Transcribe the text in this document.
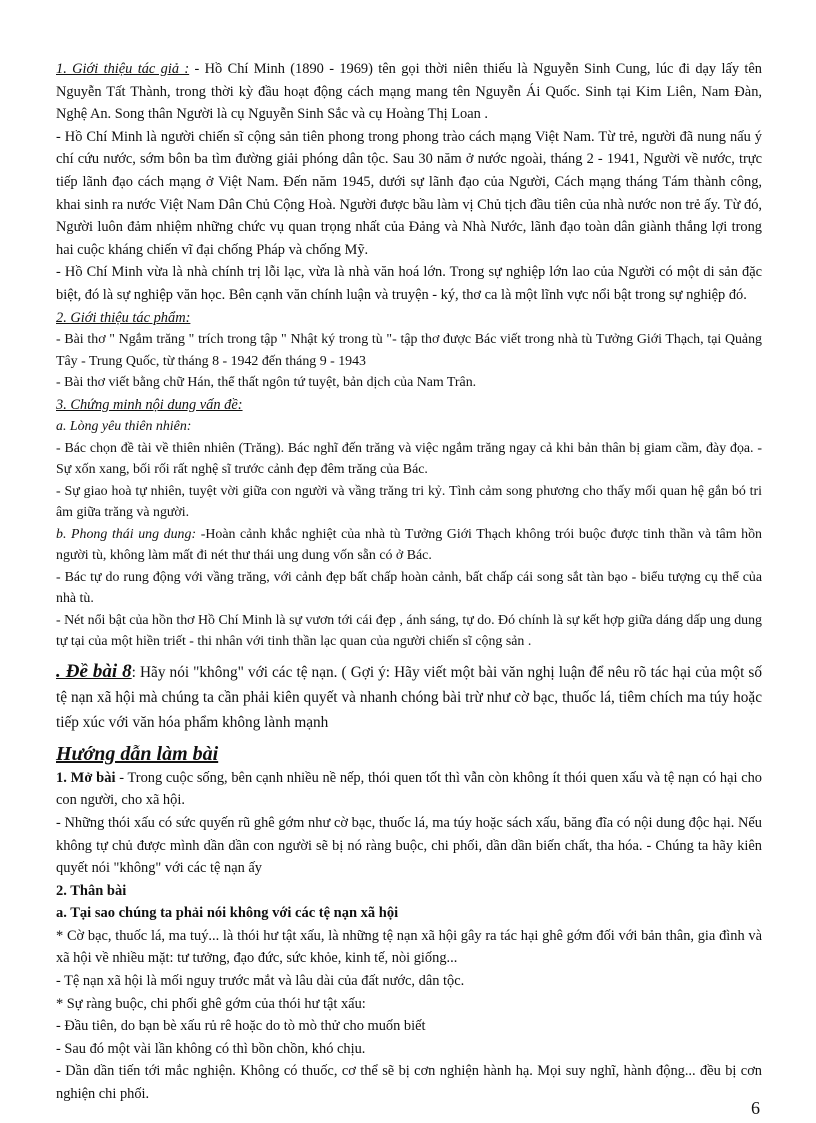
1. Giới thiệu tác giả : - Hồ Chí Minh (1890 - 1969) tên gọi thời niên thiếu là Nguyễn Sinh Cung, lúc đi dạy lấy tên Nguyễn Tất Thành, trong thời kỳ đầu hoạt động cách mạng mang tên Nguyễn Ái Quốc. Sinh tại Kim Liên, Nam Đàn, Nghệ An. Song thân Người là cụ Nguyễn Sinh Sắc và cụ Hoàng Thị Loan .

- Hồ Chí Minh là người chiến sĩ cộng sản tiên phong trong phong trào cách mạng Việt Nam. Từ trẻ, người đã nung nấu ý chí cứu nước, sớm bôn ba tìm đường giải phóng dân tộc. Sau 30 năm ở nước ngoài, tháng 2 - 1941, Người về nước, trực tiếp lãnh đạo cách mạng ở Việt Nam. Đến năm 1945, dưới sự lãnh đạo của Người, Cách mạng tháng Tám thành công, khai sinh ra nước Việt Nam Dân Chủ Cộng Hoà. Người được bầu làm vị Chủ tịch đầu tiên của nhà nước non trẻ ấy. Từ đó, Người luôn đảm nhiệm những chức vụ quan trọng nhất của Đảng và Nhà Nước, lãnh đạo toàn dân giành thắng lợi trong hai cuộc kháng chiến vĩ đại chống Pháp và chống Mỹ.

- Hồ Chí Minh vừa là nhà chính trị lỗi lạc, vừa là nhà văn hoá lớn. Trong sự nghiệp lớn lao của Người có một di sản đặc biệt, đó là sự nghiệp văn học. Bên cạnh văn chính luận và truyện - ký, thơ ca là một lĩnh vực nổi bật trong sự nghiệp đó.

2. Giới thiệu tác phẩm:

- Bài thơ " Ngắm trăng " trích trong tập " Nhật ký trong tù "- tập thơ được Bác viết trong nhà tù Tưởng Giới Thạch, tại Quảng Tây - Trung Quốc, từ tháng 8 - 1942 đến tháng 9 - 1943

- Bài thơ viết bằng chữ Hán, thể thất ngôn tứ tuyệt, bản dịch của Nam Trân.

3. Chứng minh nội dung vấn đề:

a. Lòng yêu thiên nhiên:

- Bác chọn đề tài về thiên nhiên (Trăng). Bác nghĩ đến trăng và việc ngắm trăng ngay cả khi bản thân bị giam cầm, đày đọa. - Sự xốn xang, bối rối rất nghệ sĩ trước cảnh đẹp đêm trăng của Bác.

- Sự giao hoà tự nhiên, tuyệt vời giữa con người và vầng trăng tri kỷ. Tình cảm song phương cho thấy mối quan hệ gắn bó tri âm giữa trăng và người.

b. Phong thái ung dung: -Hoàn cảnh khắc nghiệt của nhà tù Tưởng Giới Thạch không trói buộc được tinh thần và tâm hồn người tù, không làm mất đi nét thư thái ung dung vốn sẵn có ở Bác.

- Bác tự do rung động với vầng trăng, với cảnh đẹp bất chấp hoàn cảnh, bất chấp cái song sắt tàn bạo - biểu tượng cụ thể của nhà tù.

- Nét nổi bật của hồn thơ Hồ Chí Minh là sự vươn tới cái đẹp , ánh sáng, tự do. Đó chính là sự kết hợp giữa dáng dấp ung dung tự tại của một hiền triết - thi nhân với tinh thần lạc quan của người chiến sĩ cộng sản .

. Đề bài 8: Hãy nói "không" với các tệ nạn. ( Gợi ý: Hãy viết một bài văn nghị luận để nêu rõ tác hại của một số tệ nạn xã hội mà chúng ta cần phải kiên quyết và nhanh chóng bài trừ như cờ bạc, thuốc lá, tiêm chích ma túy hoặc tiếp xúc với văn hóa phẩm không lành mạnh

Hướng dẫn làm bài

1. Mở bài - Trong cuộc sống, bên cạnh nhiều nề nếp, thói quen tốt thì vẫn còn không ít thói quen xấu và tệ nạn có hại cho con người, cho xã hội.

- Những thói xấu có sức quyến rũ ghê gớm như cờ bạc, thuốc lá, ma túy hoặc sách xấu, băng đĩa có nội dung độc hại. Nếu không tự chủ được mình dần dần con người sẽ bị nó ràng buộc, chi phối, dần dần biến chất, tha hóa. - Chúng ta hãy kiên quyết nói "không" với các tệ nạn ấy

2. Thân bài

a. Tại sao chúng ta phải nói không với các tệ nạn xã hội

* Cờ bạc, thuốc lá, ma tuý... là thói hư tật xấu, là những tệ nạn xã hội gây ra tác hại ghê gớm đối với bản thân, gia đình và xã hội về nhiều mặt: tư tưởng, đạo đức, sức khỏe, kinh tế, nòi giống...

- Tệ nạn xã hội là mối nguy trước mắt và lâu dài của đất nước, dân tộc.

* Sự ràng buộc, chi phối ghê gớm của thói hư tật xấu:

- Đầu tiên, do bạn bè xấu rủ rê hoặc do tò mò thử cho muốn biết

- Sau đó một vài lần không có thì bồn chồn, khó chịu.

- Dần dần tiến tới mắc nghiện. Không có thuốc, cơ thể sẽ bị cơn nghiện hành hạ. Mọi suy nghĩ, hành động... đều bị cơn nghiện chi phối.

6
